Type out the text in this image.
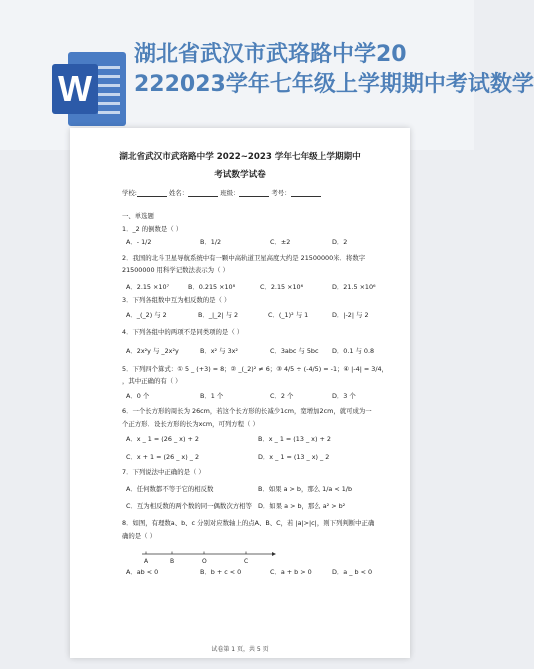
W
湖北省武汉市武珞路中学20
222023学年七年级上学期期中考试数学
湖北省武汉市武珞路中学 2022~2023 学年七年级上学期期中
考试数学试卷
学校:	姓名：	班级：	考号：
一、单选题
1．_2 的倒数是（ ）
A．- 1/2	B．1/2	C．±2	D．2
2．我国的北斗卫星导航系统中有一颗中高轨道卫星高度大约是 21500000米．将数字
21500000 用科学记数法表示为（ ）
A．2.15 ×10⁷	B．0.215 ×10⁸	C．2.15 ×10⁶	D．21.5 ×10⁶
3．下列各组数中互为相反数的是（ ）
A．_(_2) 与 2	B．_|_2| 与 2	C．(_1)² 与 1	D．|-2| 与 2
4．下列各组中的两项不是同类项的是（ ）
A．2x²y 与 _2x²y	B．x² 与 3x²	C．3abc 与 5bc D．0.1 与 0.8
5．下列四个算式：① 5 _ (+3) = 8；② _(_2)² ≠ 6；③ 4/5 ÷ (-4/5) = -1；④ |-4| = 3/4，
，其中正确的有（ ）
A．0 个	B．1 个	C．2 个	D．3 个
6．一个长方形的周长为 26cm，若这个长方形的长减少1cm，宽增加2cm，就可成为一
个正方形．设长方形的长为xcm，可列方程（ ）
A．x _ 1 = (26 _ x) + 2	B．x _ 1 = (13 _ x) + 2
C．x + 1 = (26 _ x) _ 2	D．x _ 1 = (13 _ x) _ 2
7．下列说法中正确的是（ ）
A．任何数都不等于它的相反数	B．如果 a > b，那么 1/a < 1/b
C．互为相反数的两个数的同一偶数次方相等 D．如果 a > b，那么 a² > b²
8．如图，有理数a、b、c 分别对应数轴上的点A、B、C，若 |a|>|c|，则下列判断中正确
确的是（ ）
A	B	O	C
A．ab < 0	B．b + c < 0	C．a + b > 0	D．a _ b < 0
试卷第 1 页，共 5 页
